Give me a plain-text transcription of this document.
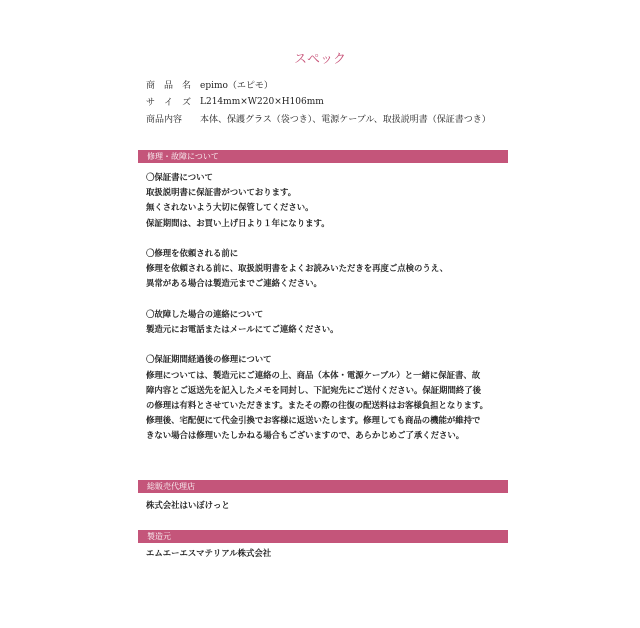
スペック
商　品　名 epimo（エピモ）
サ　イ　ズ L214mm×W220×H106mm
商品内容	本体、保護グラス（袋つき）、電源ケーブル、取扱説明書（保証書つき）
修理・故障について
〇保証書について
取扱説明書に保証書がついております。
無くされないよう大切に保管してください。
保証期間は、お買い上げ日より１年になります。
〇修理を依頼される前に
修理を依頼される前に、取扱説明書をよくお読みいただきを再度ご点検のうえ、
異常がある場合は製造元までご連絡ください。
〇故障した場合の連絡について
製造元にお電話またはメールにてご連絡ください。
〇保証期間経過後の修理について
修理については、製造元にご連絡の上、商品（本体・電源ケーブル）と一緒に保証書、故
障内容とご返送先を記入したメモを同封し、下記宛先にご送付ください。保証期間終了後
の修理は有料とさせていただきます。またその際の往復の配送料はお客様負担となります。
修理後、宅配便にて代金引換でお客様に返送いたします。修理しても商品の機能が維持で
きない場合は修理いたしかねる場合もございますので、あらかじめご了承ください。
総販売代理店
株式会社はいぼけっと
製造元
エムエーエスマテリアル株式会社
